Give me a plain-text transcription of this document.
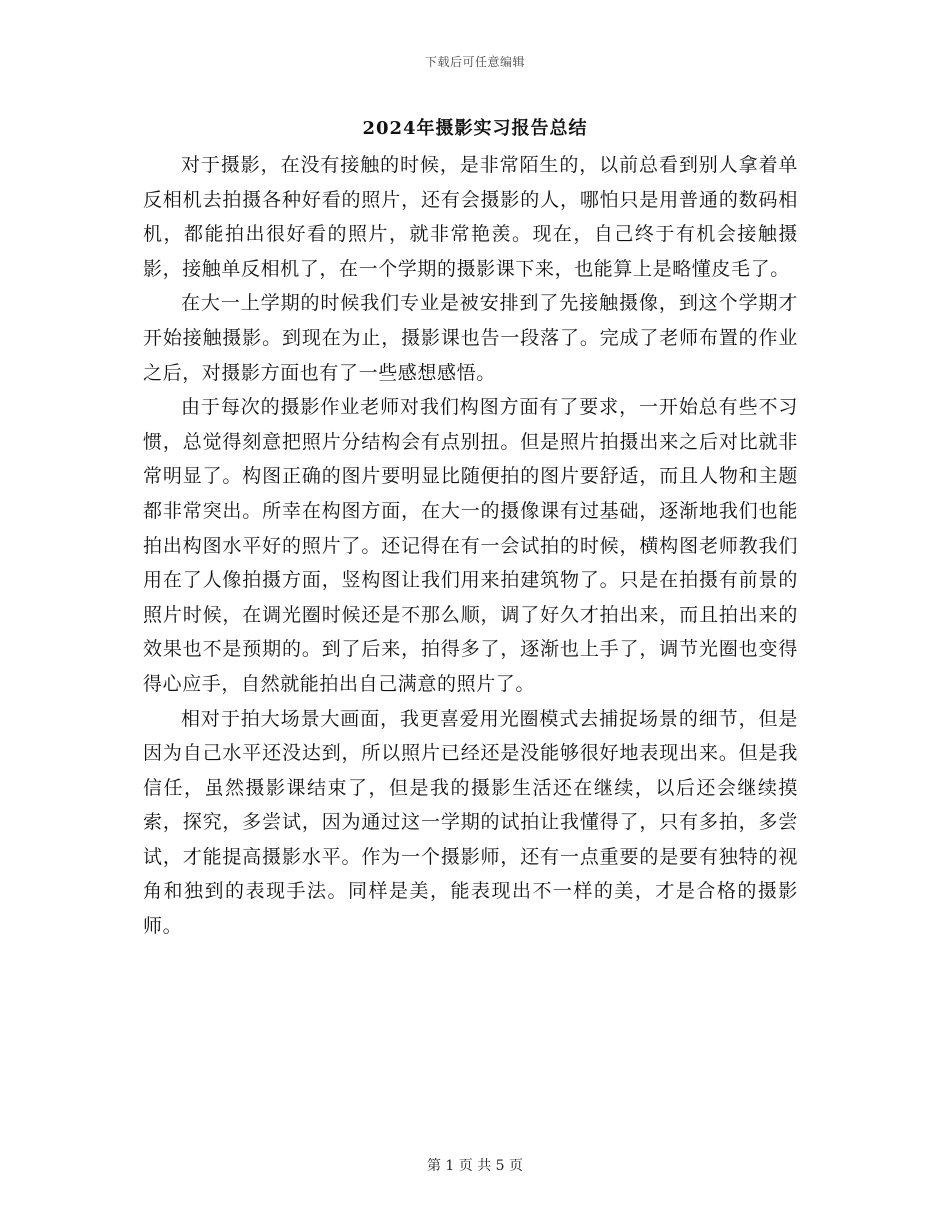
下载后可任意编辑
2024年摄影实习报告总结

对于摄影，在没有接触的时候，是非常陌生的，以前总看到别人拿着单反相机去拍摄各种好看的照片，还有会摄影的人，哪怕只是用普通的数码相机，都能拍出很好看的照片，就非常艳羡。现在，自己终于有机会接触摄影，接触单反相机了，在一个学期的摄影课下来，也能算上是略懂皮毛了。

在大一上学期的时候我们专业是被安排到了先接触摄像，到这个学期才开始接触摄影。到现在为止，摄影课也告一段落了。完成了老师布置的作业之后，对摄影方面也有了一些感想感悟。

由于每次的摄影作业老师对我们构图方面有了要求，一开始总有些不习惯，总觉得刻意把照片分结构会有点别扭。但是照片拍摄出来之后对比就非常明显了。构图正确的图片要明显比随便拍的图片要舒适，而且人物和主题都非常突出。所幸在构图方面，在大一的摄像课有过基础，逐渐地我们也能拍出构图水平好的照片了。还记得在有一会试拍的时候，横构图老师教我们用在了人像拍摄方面，竖构图让我们用来拍建筑物了。只是在拍摄有前景的照片时候，在调光圈时候还是不那么顺，调了好久才拍出来，而且拍出来的效果也不是预期的。到了后来，拍得多了，逐渐也上手了，调节光圈也变得得心应手，自然就能拍出自己满意的照片了。

相对于拍大场景大画面，我更喜爱用光圈模式去捕捉场景的细节，但是因为自己水平还没达到，所以照片已经还是没能够很好地表现出来。但是我信任，虽然摄影课结束了，但是我的摄影生活还在继续，以后还会继续摸索，探究，多尝试，因为通过这一学期的试拍让我懂得了，只有多拍，多尝试，才能提高摄影水平。作为一个摄影师，还有一点重要的是要有独特的视角和独到的表现手法。同样是美，能表现出不一样的美，才是合格的摄影师。

第 1 页 共 5 页
